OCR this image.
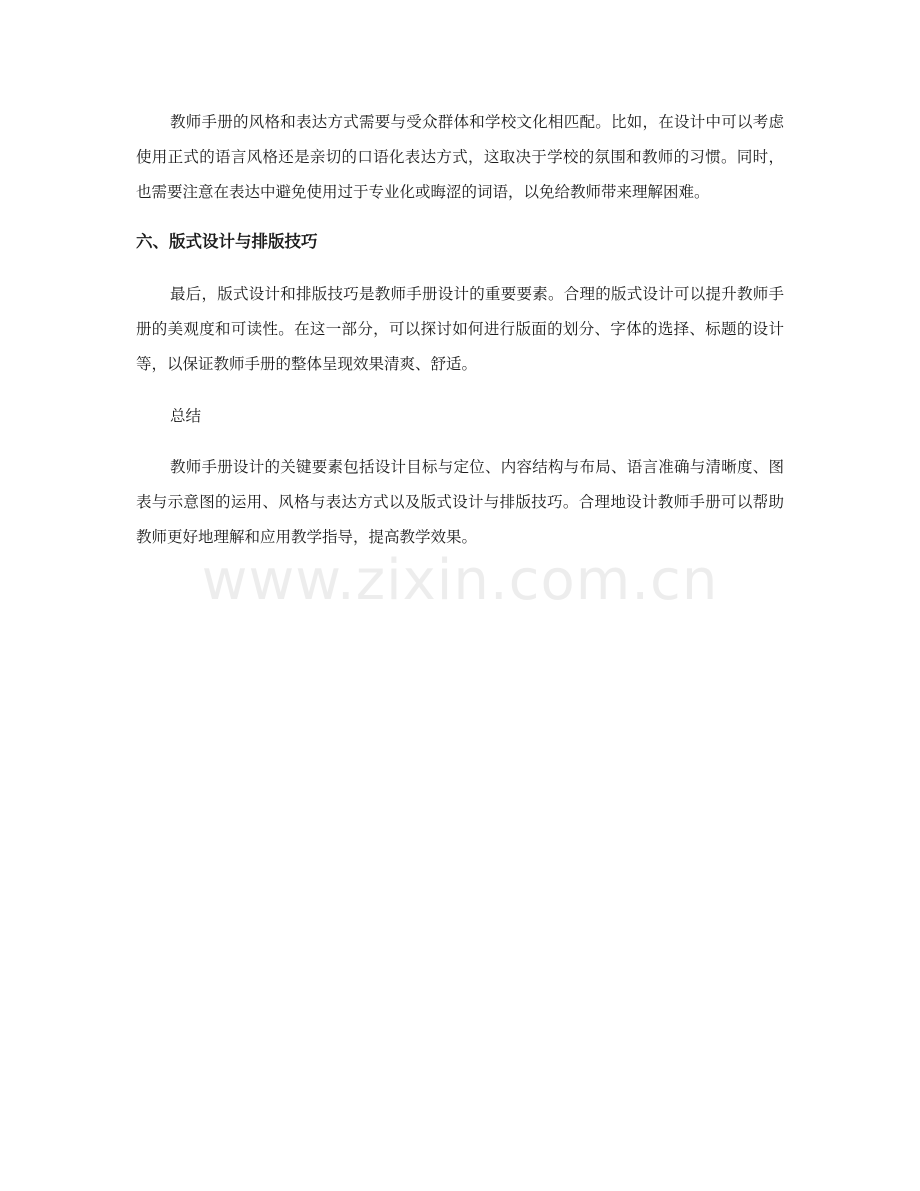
教师手册的风格和表达方式需要与受众群体和学校文化相匹配。比如，在设计中可以考虑使用正式的语言风格还是亲切的口语化表达方式，这取决于学校的氛围和教师的习惯。同时，也需要注意在表达中避免使用过于专业化或晦涩的词语，以免给教师带来理解困难。

六、版式设计与排版技巧

最后，版式设计和排版技巧是教师手册设计的重要要素。合理的版式设计可以提升教师手册的美观度和可读性。在这一部分，可以探讨如何进行版面的划分、字体的选择、标题的设计等，以保证教师手册的整体呈现效果清爽、舒适。

总结

教师手册设计的关键要素包括设计目标与定位、内容结构与布局、语言准确与清晰度、图表与示意图的运用、风格与表达方式以及版式设计与排版技巧。合理地设计教师手册可以帮助教师更好地理解和应用教学指导，提高教学效果。

www.zixin.com.cn
